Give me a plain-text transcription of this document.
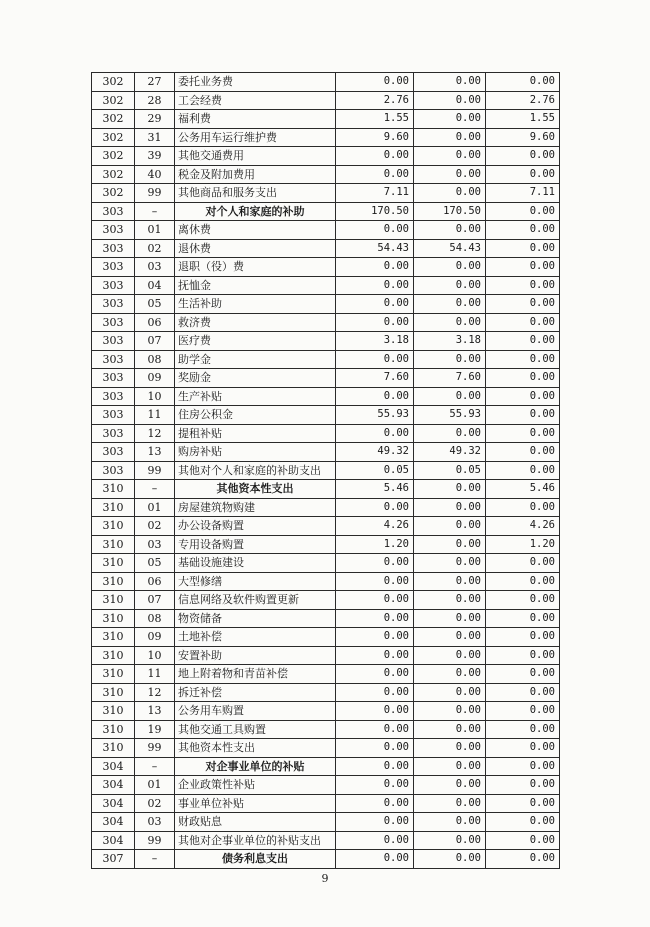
302	27	委托业务费	0.00	0.00	0.00
302	28	工会经费	2.76	0.00	2.76
302	29	福利费	1.55	0.00	1.55
302	31	公务用车运行维护费	9.60	0.00	9.60
302	39	其他交通费用	0.00	0.00	0.00
302	40	税金及附加费用	0.00	0.00	0.00
302	99	其他商品和服务支出	7.11	0.00	7.11
303	–	对个人和家庭的补助	170.50	170.50	0.00
303	01	离休费	0.00	0.00	0.00
303	02	退休费	54.43	54.43	0.00
303	03	退职（役）费	0.00	0.00	0.00
303	04	抚恤金	0.00	0.00	0.00
303	05	生活补助	0.00	0.00	0.00
303	06	救济费	0.00	0.00	0.00
303	07	医疗费	3.18	3.18	0.00
303	08	助学金	0.00	0.00	0.00
303	09	奖励金	7.60	7.60	0.00
303	10	生产补贴	0.00	0.00	0.00
303	11	住房公积金	55.93	55.93	0.00
303	12	提租补贴	0.00	0.00	0.00
303	13	购房补贴	49.32	49.32	0.00
303	99	其他对个人和家庭的补助支出	0.05	0.05	0.00
310	–	其他资本性支出	5.46	0.00	5.46
310	01	房屋建筑物购建	0.00	0.00	0.00
310	02	办公设备购置	4.26	0.00	4.26
310	03	专用设备购置	1.20	0.00	1.20
310	05	基础设施建设	0.00	0.00	0.00
310	06	大型修缮	0.00	0.00	0.00
310	07	信息网络及软件购置更新	0.00	0.00	0.00
310	08	物资储备	0.00	0.00	0.00
310	09	土地补偿	0.00	0.00	0.00
310	10	安置补助	0.00	0.00	0.00
310	11	地上附着物和青苗补偿	0.00	0.00	0.00
310	12	拆迁补偿	0.00	0.00	0.00
310	13	公务用车购置	0.00	0.00	0.00
310	19	其他交通工具购置	0.00	0.00	0.00
310	99	其他资本性支出	0.00	0.00	0.00
304	–	对企事业单位的补贴	0.00	0.00	0.00
304	01	企业政策性补贴	0.00	0.00	0.00
304	02	事业单位补贴	0.00	0.00	0.00
304	03	财政贴息	0.00	0.00	0.00
304	99	其他对企事业单位的补贴支出	0.00	0.00	0.00
307	–	债务利息支出	0.00	0.00	0.00
9
